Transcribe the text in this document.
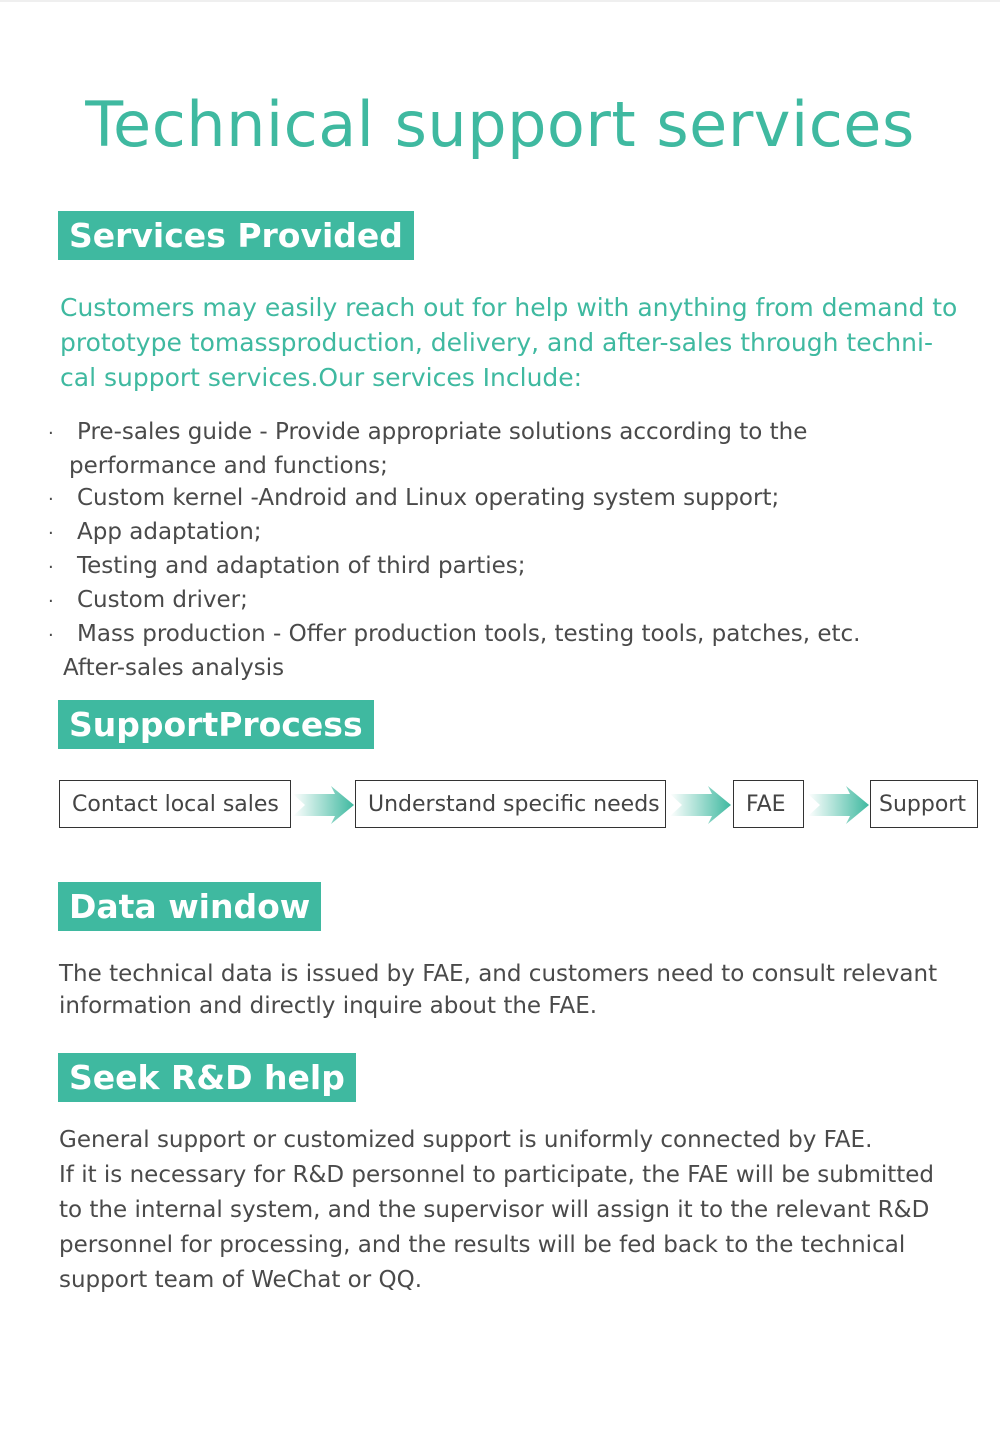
Technical support services
Services Provided
Customers may easily reach out for help with anything from demand to
prototype tomassproduction, delivery, and after-sales through techni-
cal support services.Our services Include:
· Pre-sales guide - Provide appropriate solutions according to the
performance and functions;
· Custom kernel -Android and Linux operating system support;
· App adaptation;
· Testing and adaptation of third parties;
· Custom driver;
· Mass production - Offer production tools, testing tools, patches, etc.
After-sales analysis
SupportProcess
Contact local sales	Understand specific needs	FAE	Support
Data window
The technical data is issued by FAE, and customers need to consult relevant
information and directly inquire about the FAE.
Seek R&D help
General support or customized support is uniformly connected by FAE.
If it is necessary for R&D personnel to participate, the FAE will be submitted
to the internal system, and the supervisor will assign it to the relevant R&D
personnel for processing, and the results will be fed back to the technical
support team of WeChat or QQ.
